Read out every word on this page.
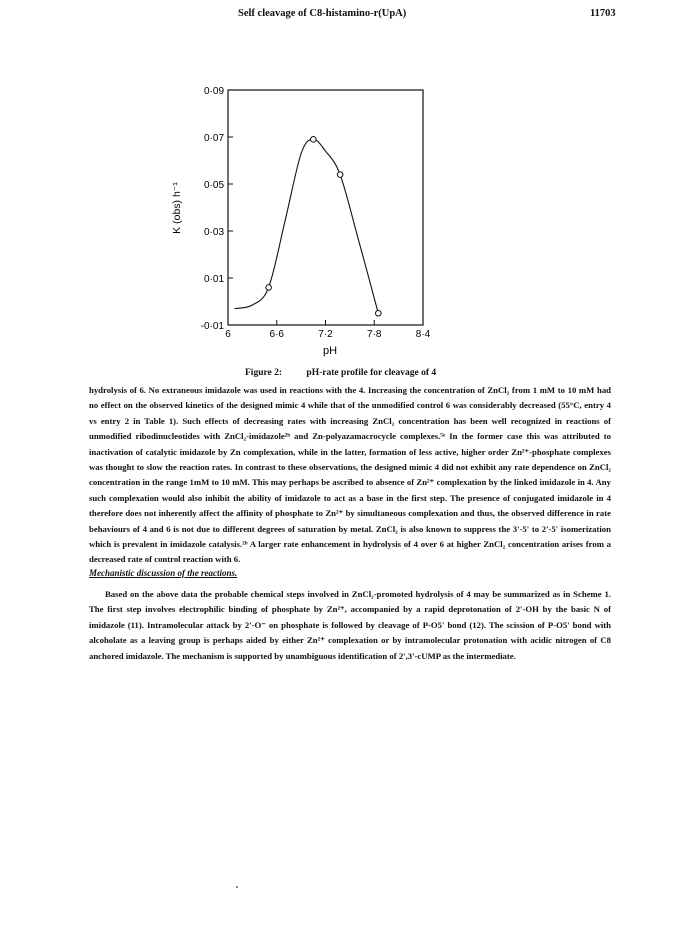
Self cleavage of C8-histamino-r(UpA)	11703
-0·01
0·01
0·03
0·05
0·07
0·09
6	6·6	7·2	7·8	8·4
pH
K (obs) h⁻¹
Figure 2:	pH-rate profile for cleavage of 4

hydrolysis of 6. No extraneous imidazole was used in reactions with the 4. Increasing the concentration of ZnCl₂ from 1 mM to 10 mM had no effect on the observed kinetics of the designed mimic 4 while that of the unmodified control 6 was considerably decreased (55°C, entry 4 vs entry 2 in Table 1). Such effects of decreasing rates with increasing ZnCl₂ concentration has been well recognized in reactions of unmodified ribodinucleotides with ZnCl₂-imidazole²ᵇ and Zn-polyazamacrocycle complexes.⁵ᵉ In the former case this was attributed to inactivation of catalytic imidazole by Zn complexation, while in the latter, formation of less active, higher order Zn²⁺-phosphate complexes was thought to slow the reaction rates. In contrast to these observations, the designed mimic 4 did not exhibit any rate dependence on ZnCl₂ concentration in the range 1mM to 10 mM. This may perhaps be ascribed to absence of Zn²⁺ complexation by the linked imidazole in 4. Any such complexation would also inhibit the ability of imidazole to act as a base in the first step. The presence of conjugated imidazole in 4 therefore does not inherently affect the affinity of phosphate to Zn²⁺ by simultaneous complexation and thus, the observed difference in rate behaviours of 4 and 6 is not due to different degrees of saturation by metal. ZnCl₂ is also known to suppress the 3'-5' to 2'-5' isomerization which is prevalent in imidazole catalysis.²ᵇ A larger rate enhancement in hydrolysis of 4 over 6 at higher ZnCl₂ concentration arises from a decreased rate of control reaction with 6.

Mechanistic discussion of the reactions.

Based on the above data the probable chemical steps involved in ZnCl₂-promoted hydrolysis of 4 may be summarized as in Scheme 1. The first step involves electrophilic binding of phosphate by Zn²⁺, accompanied by a rapid deprotonation of 2'-OH by the basic N of imidazole (11). Intramolecular attack by 2'-O⁻ on phosphate is followed by cleavage of P-O5' bond (12). The scission of P-O5' bond with alcoholate as a leaving group is perhaps aided by either Zn²⁺ complexation or by intramolecular protonation with acidic nitrogen of C8 anchored imidazole. The mechanism is supported by unambiguous identification of 2',3'-cUMP as the intermediate.
